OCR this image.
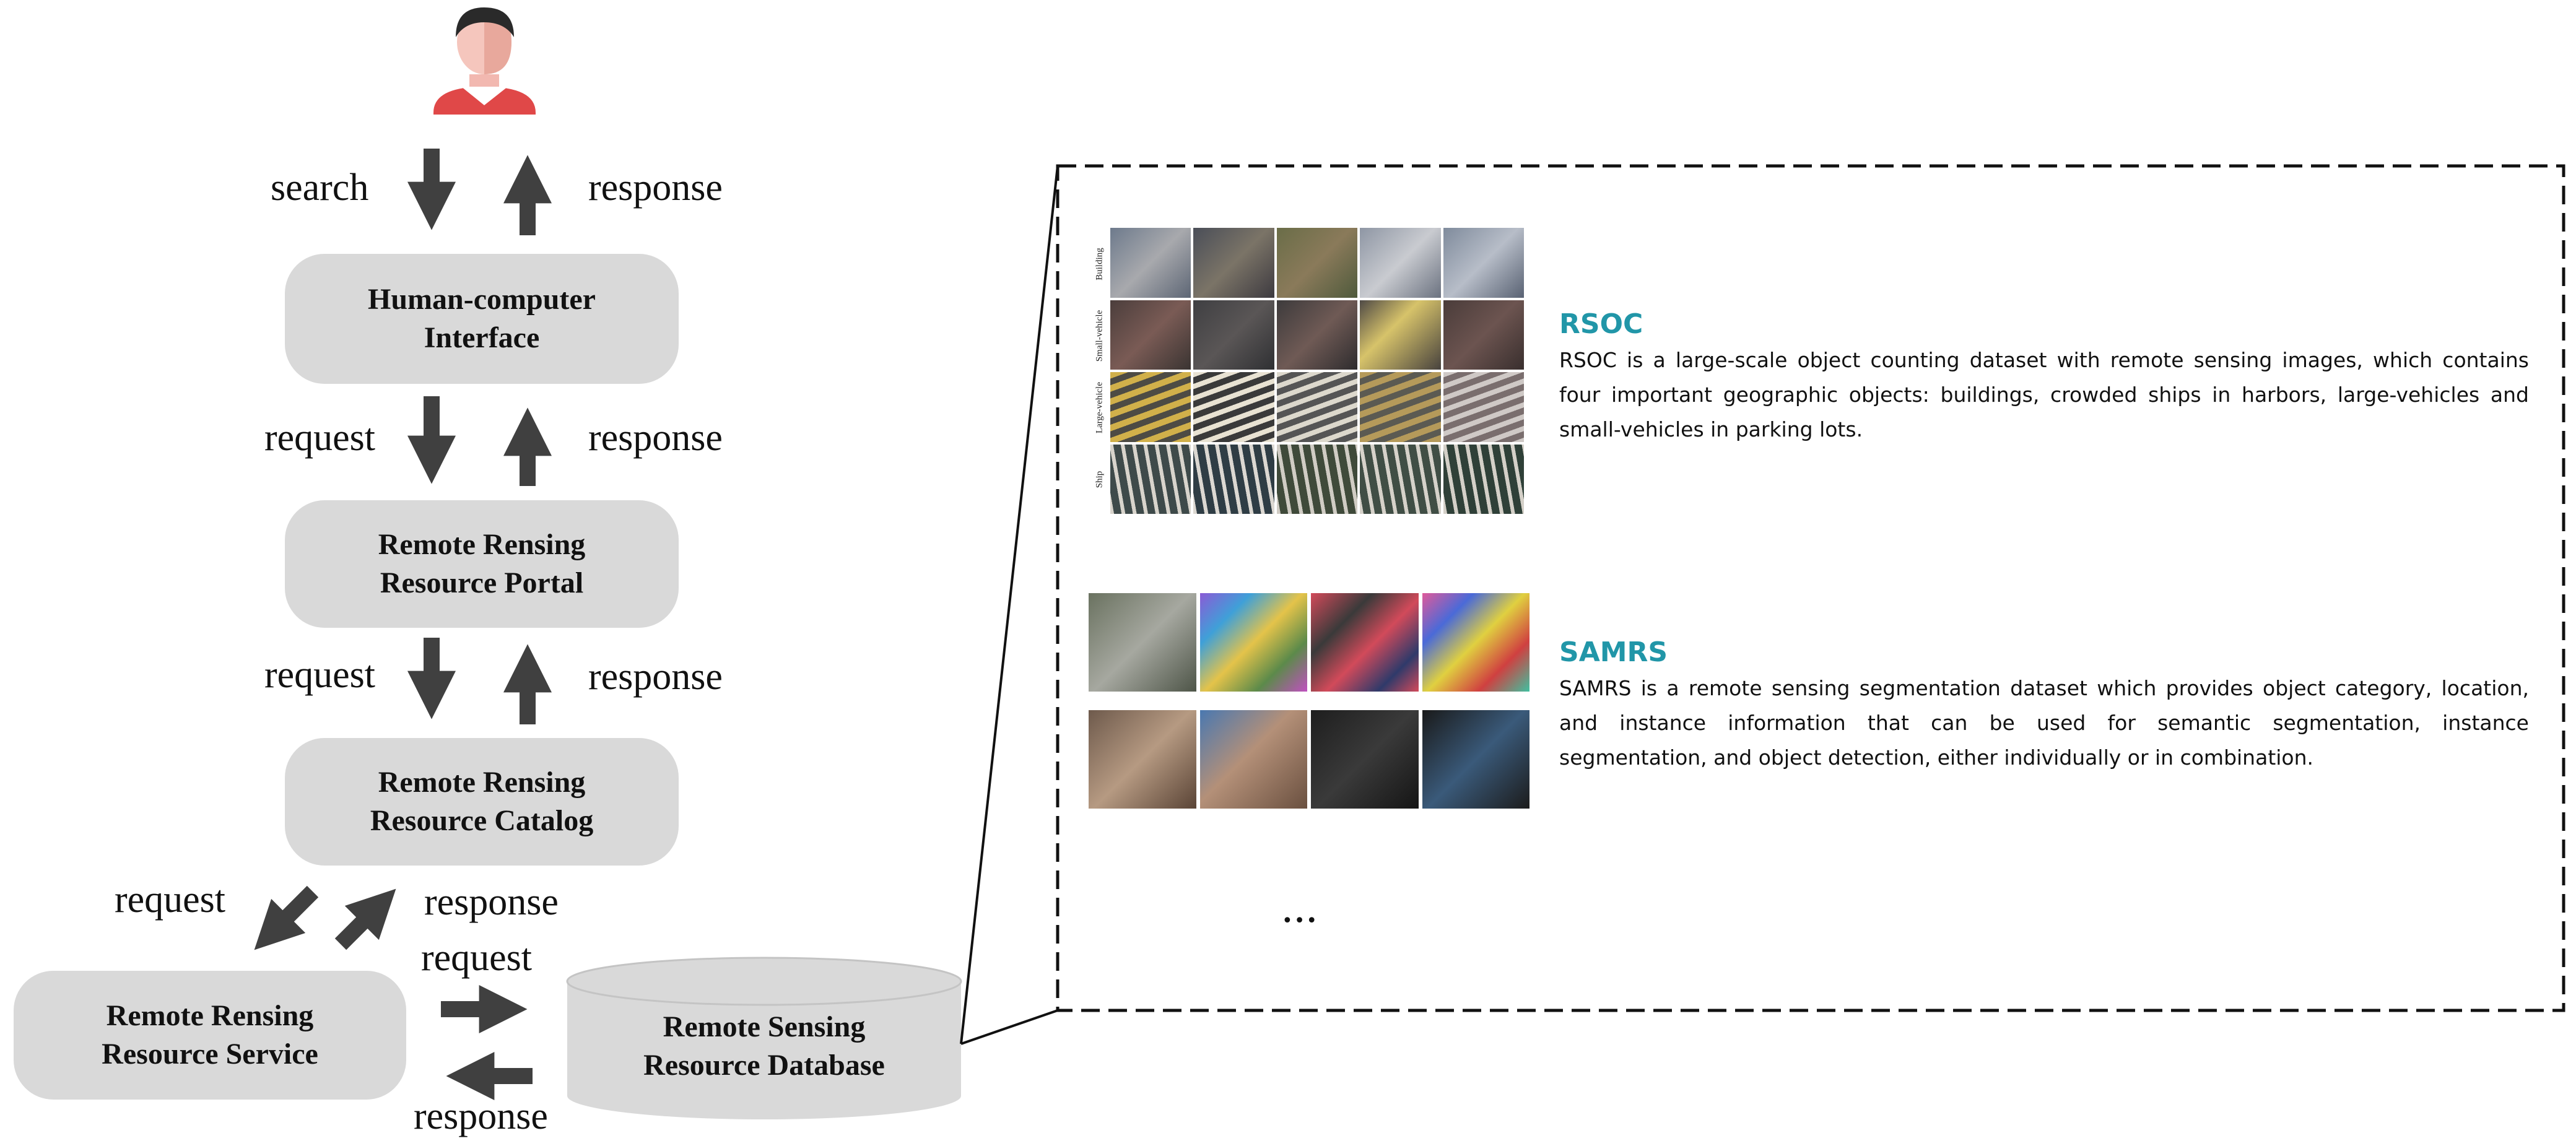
Human-computer
Interface
Remote Rensing
Resource Portal
Remote Rensing
Resource Catalog
Remote Rensing
Resource Service
Remote Sensing
Resource Database
search	response
request	response
request	response
request	response
request
response
Building
Small-vehicle
Large-vehicle
Ship
RSOC
RSOC is a large-scale object counting dataset with remote sensing images, which contains four important geographic objects: buildings, crowded ships in harbors, large-vehicles and small-vehicles in parking lots.
SAMRS
SAMRS is a remote sensing segmentation dataset which provides object category, location, and instance information that can be used for semantic segmentation, instance segmentation, and object detection, either individually or in combination.
•••
